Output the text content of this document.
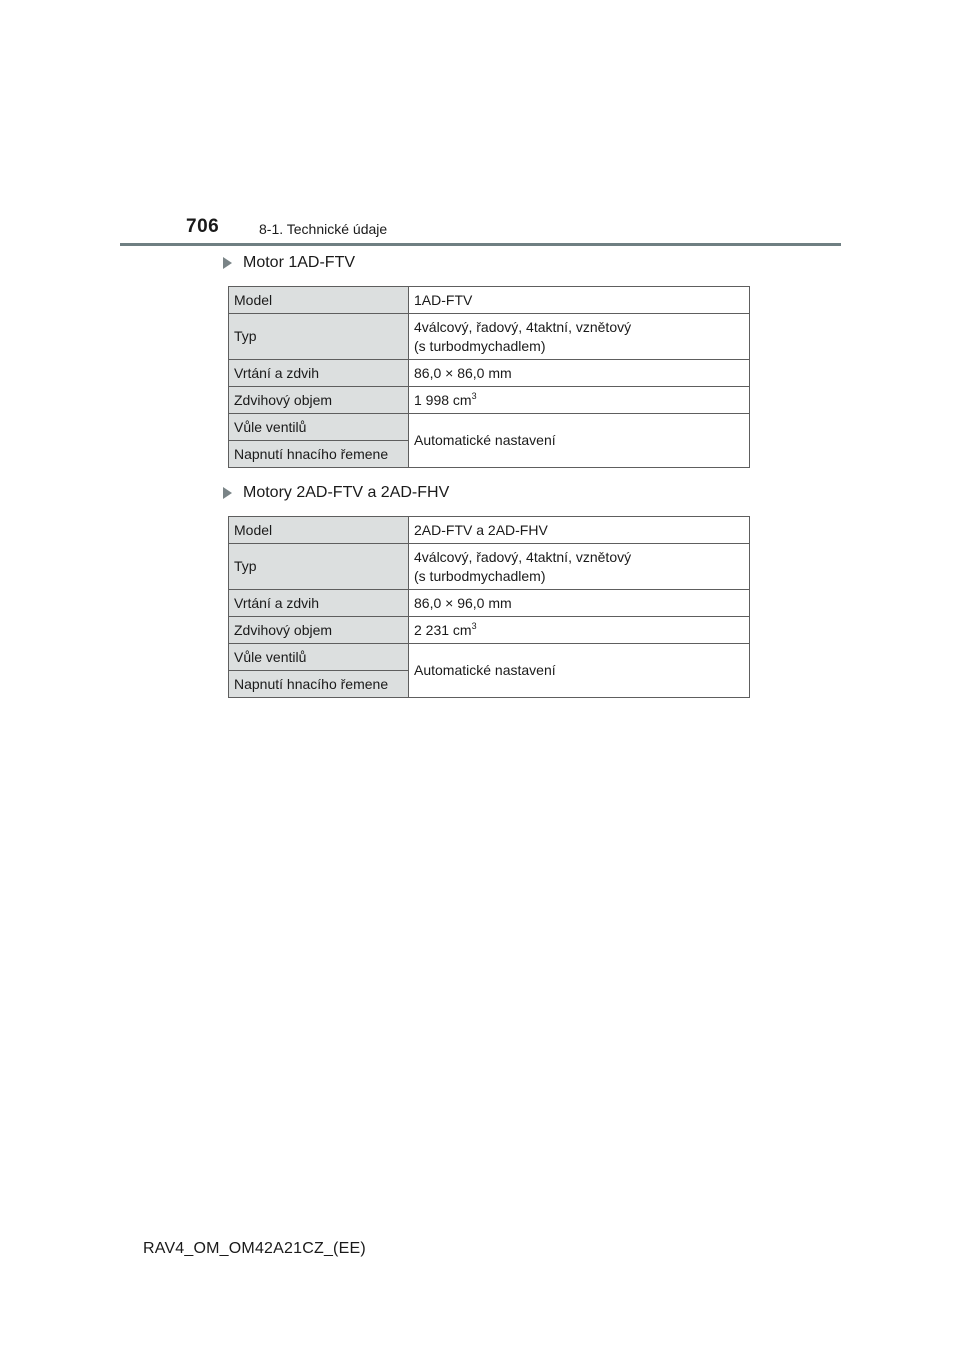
706	8-1. Technické údaje
Motor 1AD-FTV
Model	1AD-FTV
Typ	4válcový, řadový, 4taktní, vznětový
(s turbodmychadlem)

Vrtání a zdvih	86,0 × 86,0 mm
Zdvihový objem	1 998 $cm^3$
Vůle ventilů	Automatické nastavení
Napnutí hnacího řemene	
Motory 2AD-FTV a 2AD-FHV
Model	2AD-FTV a 2AD-FHV
Typ	4válcový, řadový, 4taktní, vznětový
(s turbodmychadlem)

Vrtání a zdvih	86,0 × 96,0 mm
Zdvihový objem	2 231 $cm^3$
Vůle ventilů	Automatické nastavení
Napnutí hnacího řemene	
RAV4_OM_OM42A21CZ_(EE)
